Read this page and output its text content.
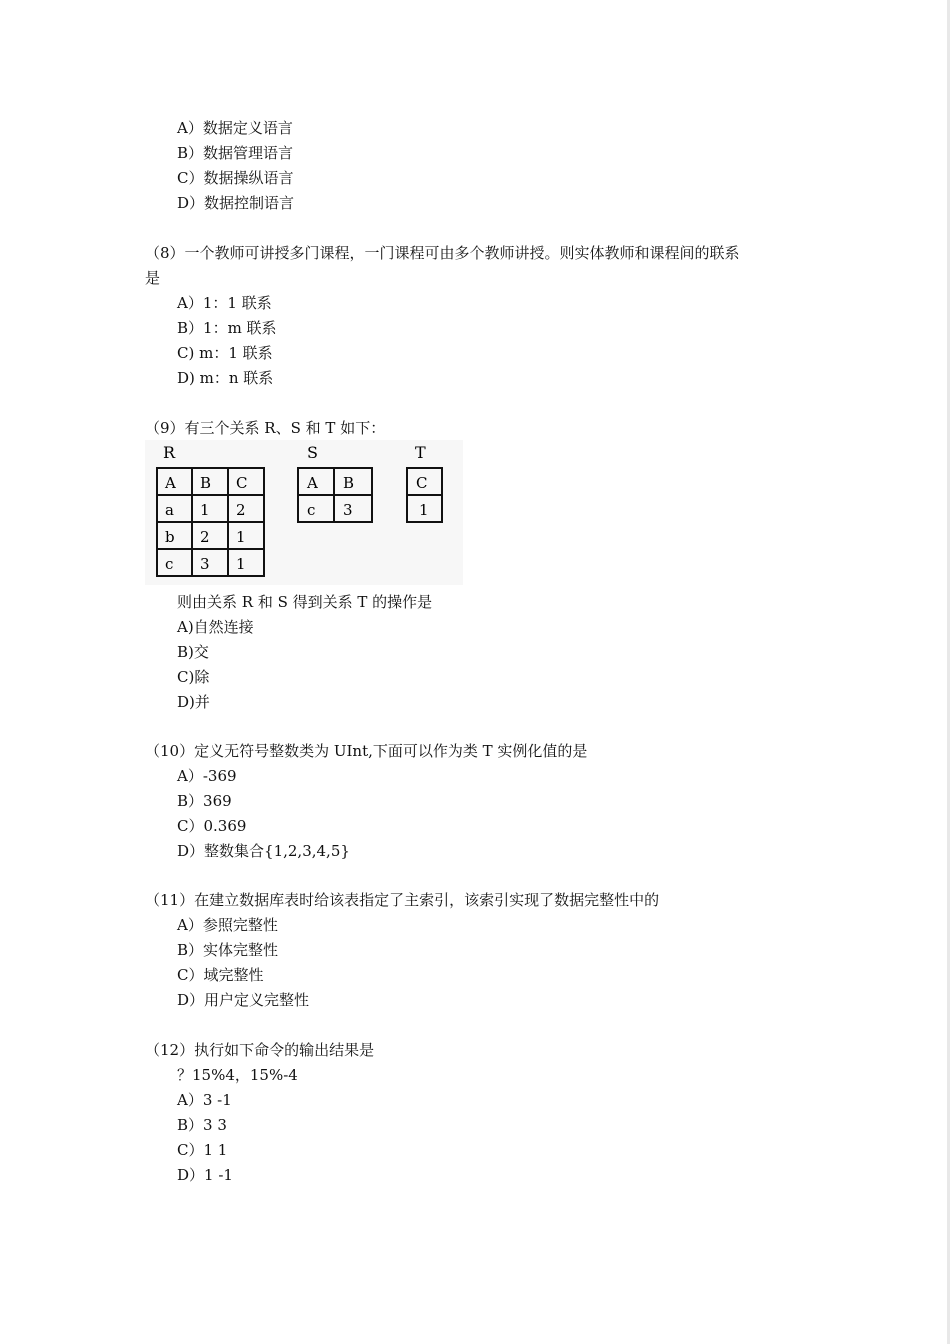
A）数据定义语言
B）数据管理语言
C）数据操纵语言
D）数据控制语言
（8）一个教师可讲授多门课程，一门课程可由多个教师讲授。则实体教师和课程间的联系
是
A）1：1 联系
B）1：m 联系
C) m：1 联系
D) m：n 联系
（9）有三个关系 R、S 和 T 如下：
R
A B C
a 1 2
b 2 1
c 3 1
S
A B
c 3
T
C
1
则由关系 R 和 S 得到关系 T 的操作是
A)自然连接
B)交
C)除
D)并
（10）定义无符号整数类为 UInt,下面可以作为类 T 实例化值的是
A）-369
B）369
C）0.369
D）整数集合{1,2,3,4,5}
（11）在建立数据库表时给该表指定了主索引，该索引实现了数据完整性中的
A）参照完整性
B）实体完整性
C）域完整性
D）用户定义完整性
（12）执行如下命令的输出结果是
？15%4，15%-4
A）3 -1
B）3 3
C）1 1
D）1 -1
